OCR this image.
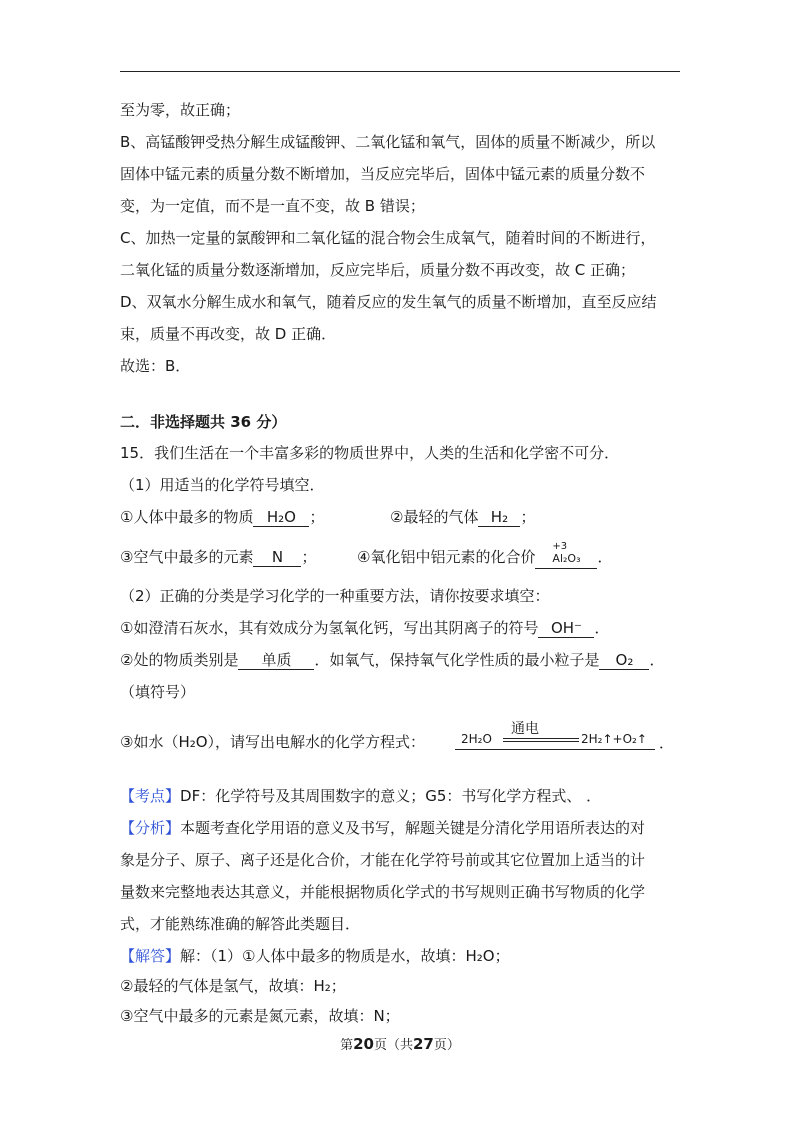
至为零，故正确；
B、高锰酸钾受热分解生成锰酸钾、二氧化锰和氧气，固体的质量不断减少，所以
固体中锰元素的质量分数不断增加，当反应完毕后，固体中锰元素的质量分数不
变，为一定值，而不是一直不变，故 B 错误；
C、加热一定量的氯酸钾和二氧化锰的混合物会生成氧气，随着时间的不断进行，
二氧化锰的质量分数逐渐增加，反应完毕后，质量分数不再改变，故 C 正确；
D、双氧水分解生成水和氧气，随着反应的发生氧气的质量不断增加，直至反应结
束，质量不再改变，故 D 正确．
故选：B．
二．非选择题共 36 分）
15．我们生活在一个丰富多彩的物质世界中，人类的生活和化学密不可分．
（1）用适当的化学符号填空．
①人体中最多的物质 H₂O ；	②最轻的气体 H₂ ；
③空气中最多的元素 N ；	④氧化铝中铝元素的化合价
+3
Al₂O₃ ．
（2）正确的分类是学习化学的一种重要方法，请你按要求填空：
①如澄清石灰水，其有效成分为氢氧化钙，写出其阴离子的符号 OH⁻ ．
②处的物质类别是 单质 ．如氧气，保持氧气化学性质的最小粒子是 O₂ ．
（填符号）
③如水（H₂O），请写出电解水的化学方程式：
通电
2H₂O	2H₂↑+O₂↑ ．
【考点】DF：化学符号及其周围数字的意义；G5：书写化学方程式、 ．
【分析】本题考查化学用语的意义及书写，解题关键是分清化学用语所表达的对
象是分子、原子、离子还是化合价，才能在化学符号前或其它位置加上适当的计
量数来完整地表达其意义，并能根据物质化学式的书写规则正确书写物质的化学
式，才能熟练准确的解答此类题目．
【解答】解：（1）①人体中最多的物质是水，故填：H₂O；
②最轻的气体是氢气，故填：H₂；
③空气中最多的元素是氮元素，故填：N；
第20页（共27页）
